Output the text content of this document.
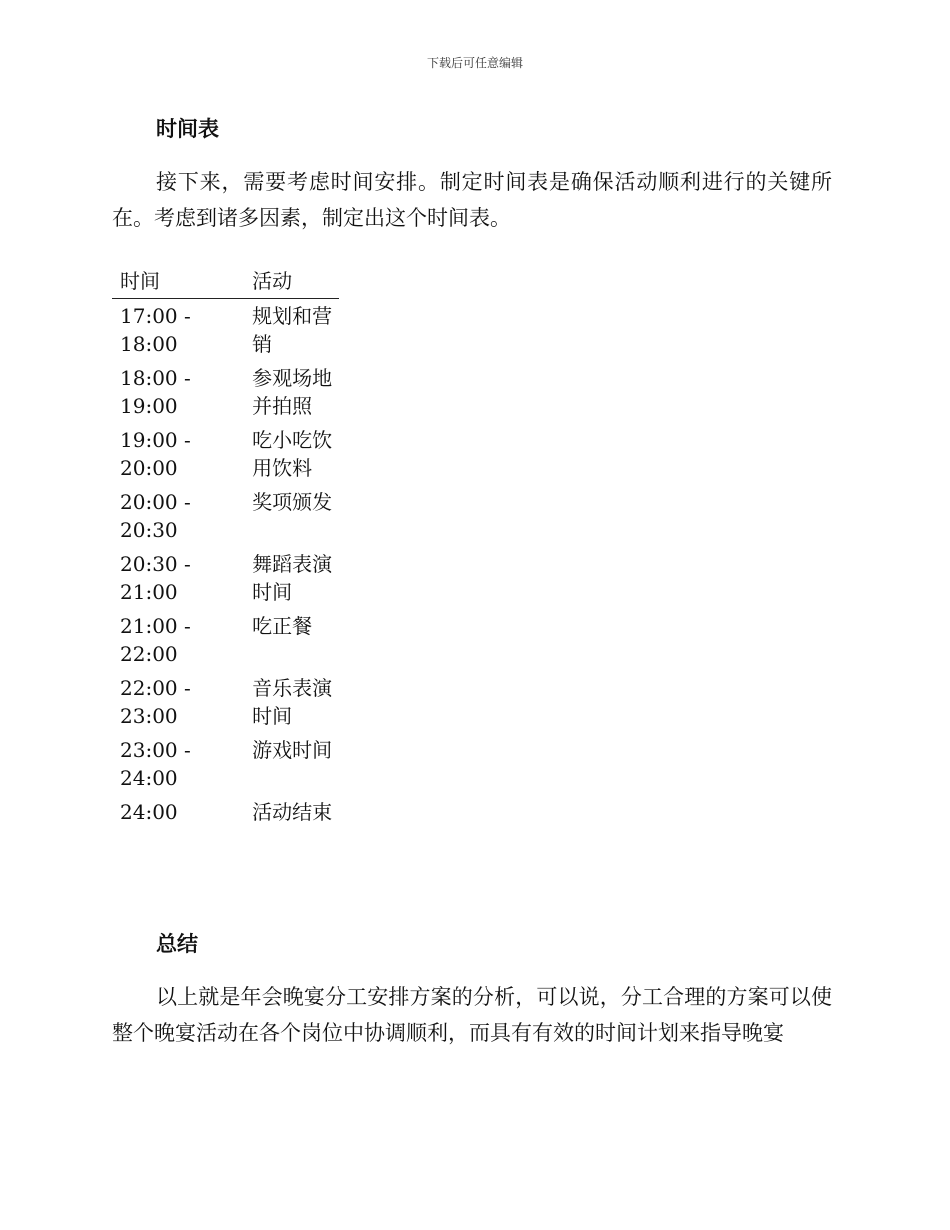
下载后可任意编辑
时间表

接下来，需要考虑时间安排。制定时间表是确保活动顺利进行的关键所在。考虑到诸多因素，制定出这个时间表。

时间	活动
17:00 - 18:00	规划和营销
18:00 - 19:00	参观场地并拍照
19:00 - 20:00	吃小吃饮用饮料
20:00 - 20:30	奖项颁发
20:30 - 21:00	舞蹈表演时间
21:00 - 22:00	吃正餐
22:00 - 23:00	音乐表演时间
23:00 - 24:00	游戏时间
24:00	活动结束
总结

以上就是年会晚宴分工安排方案的分析，可以说，分工合理的方案可以使整个晚宴活动在各个岗位中协调顺利，而具有有效的时间计划来指导晚宴
